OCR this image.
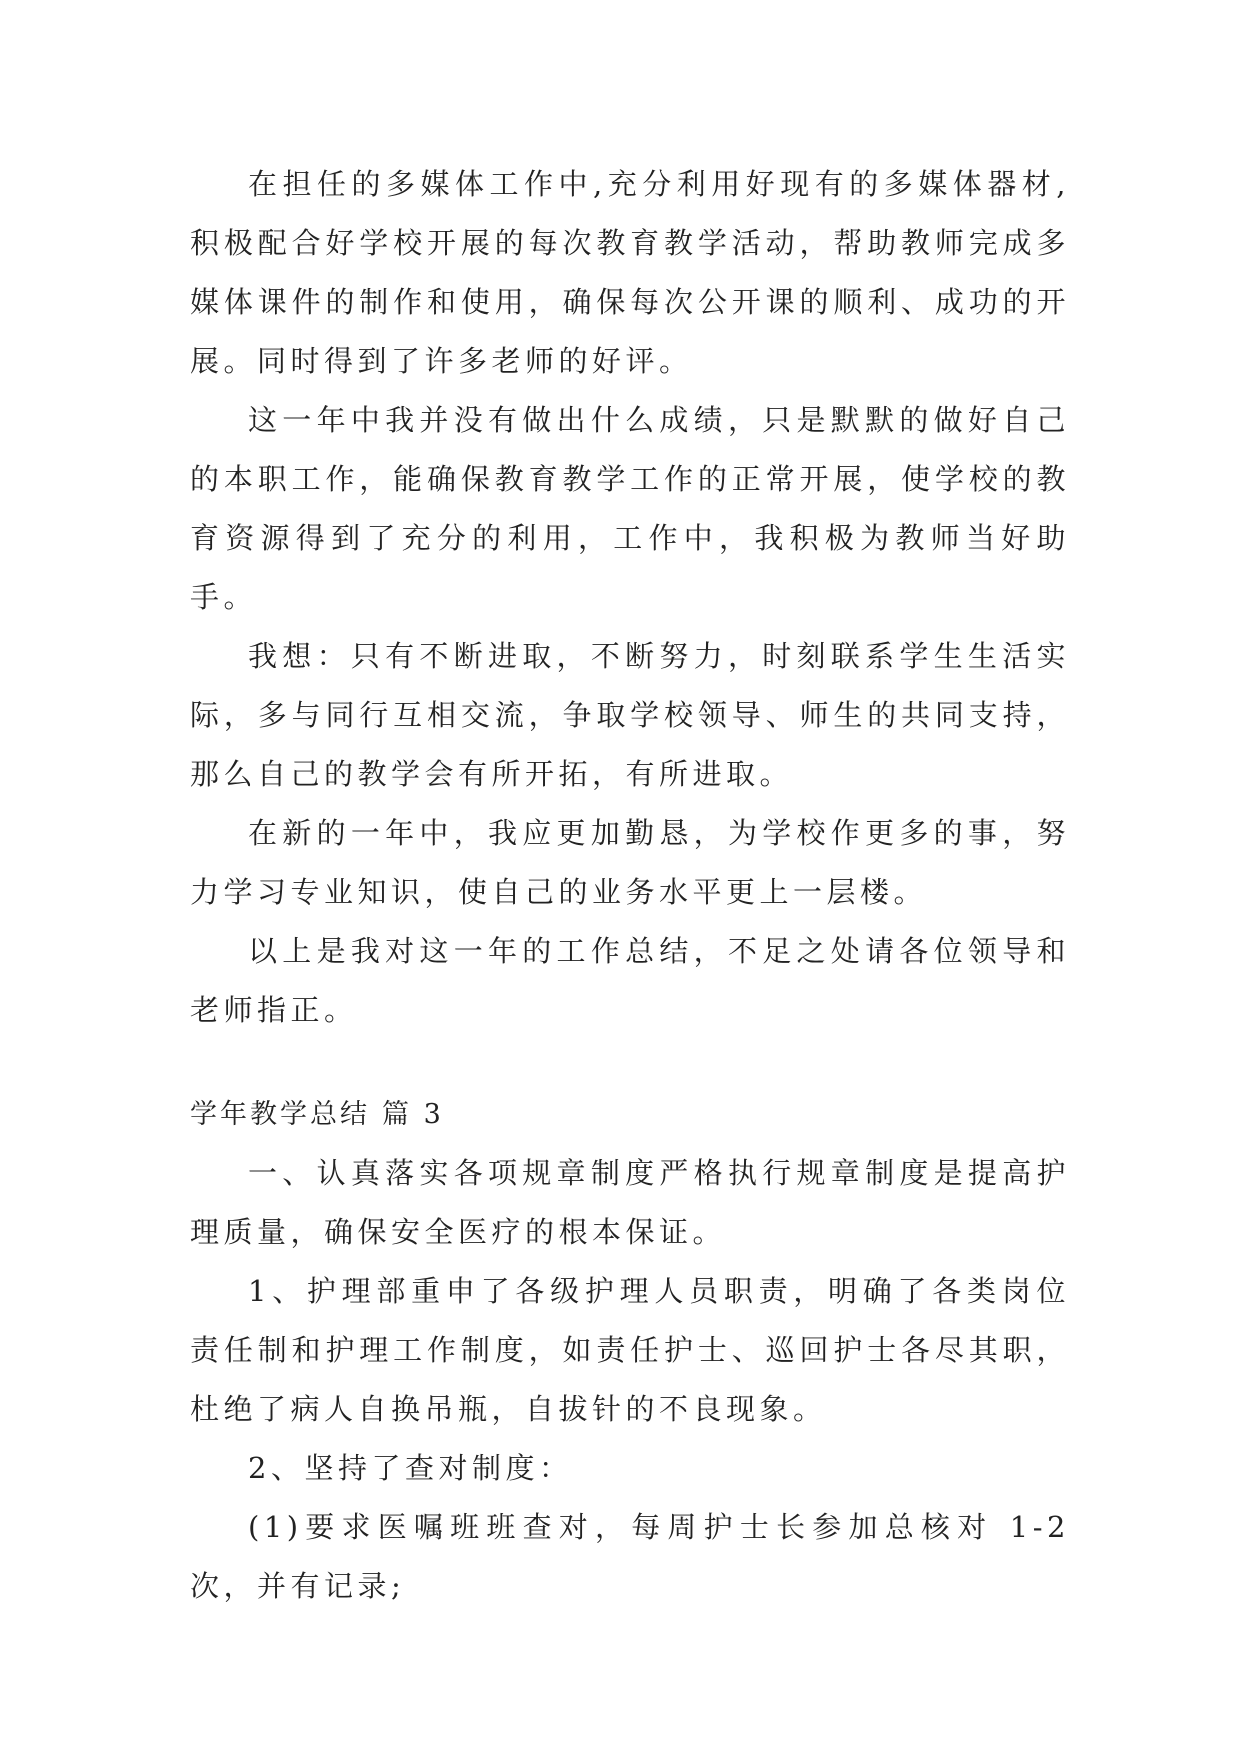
在担任的多媒体工作中,充分利用好现有的多媒体器材,积极配合好学校开展的每次教育教学活动，帮助教师完成多媒体课件的制作和使用，确保每次公开课的顺利、成功的开展。同时得到了许多老师的好评。

这一年中我并没有做出什么成绩，只是默默的做好自己的本职工作，能确保教育教学工作的正常开展，使学校的教育资源得到了充分的利用，工作中，我积极为教师当好助手。

我想：只有不断进取，不断努力，时刻联系学生生活实际，多与同行互相交流，争取学校领导、师生的共同支持，那么自己的教学会有所开拓，有所进取。

在新的一年中，我应更加勤恳，为学校作更多的事，努力学习专业知识，使自己的业务水平更上一层楼。

以上是我对这一年的工作总结，不足之处请各位领导和老师指正。

学年教学总结 篇 3

一、认真落实各项规章制度严格执行规章制度是提高护理质量，确保安全医疗的根本保证。

1、护理部重申了各级护理人员职责，明确了各类岗位责任制和护理工作制度，如责任护士、巡回护士各尽其职，杜绝了病人自换吊瓶，自拔针的不良现象。

2、坚持了查对制度：

(1)要求医嘱班班查对，每周护士长参加总核对 1-2 次，并有记录;
